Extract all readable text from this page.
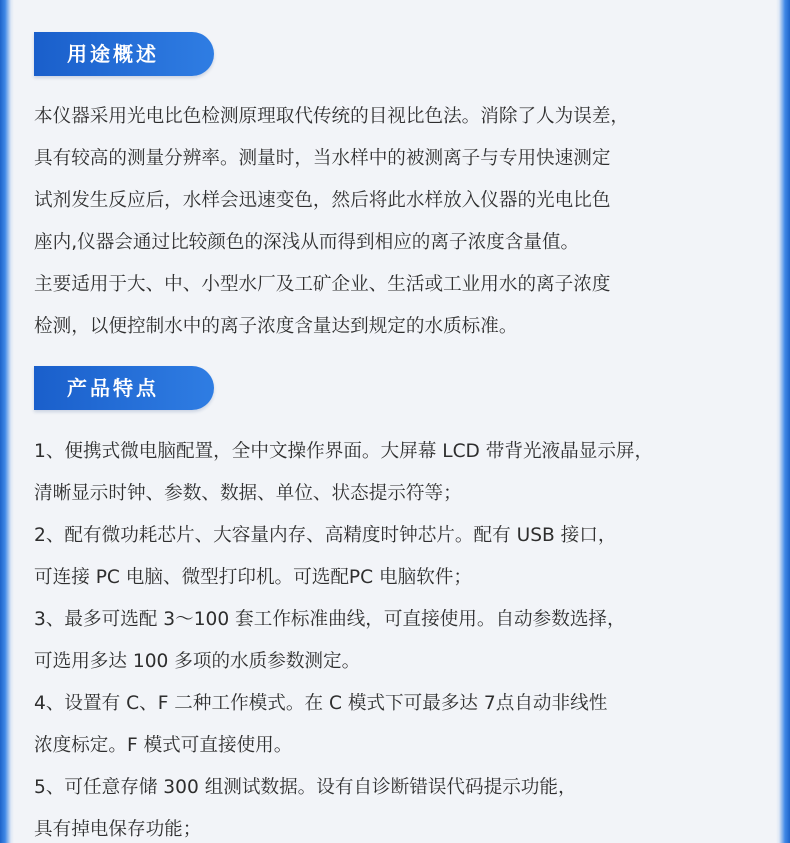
用途概述
本仪器采用光电比色检测原理取代传统的目视比色法。消除了人为误差，
具有较高的测量分辨率。测量时，当水样中的被测离子与专用快速测定
试剂发生反应后，水样会迅速变色，然后将此水样放入仪器的光电比色
座内,仪器会通过比较颜色的深浅从而得到相应的离子浓度含量值。
主要适用于大、中、小型水厂及工矿企业、生活或工业用水的离子浓度
检测，以便控制水中的离子浓度含量达到规定的水质标准。
产品特点
1、便携式微电脑配置，全中文操作界面。大屏幕 LCD 带背光液晶显示屏，
清晰显示时钟、参数、数据、单位、状态提示符等；
2、配有微功耗芯片、大容量内存、高精度时钟芯片。配有 USB 接口，
可连接 PC 电脑、微型打印机。可选配PC 电脑软件；
3、最多可选配 3～100 套工作标准曲线，可直接使用。自动参数选择，
可选用多达 100 多项的水质参数测定。
4、设置有 C、F 二种工作模式。在 C 模式下可最多达 7点自动非线性
浓度标定。F 模式可直接使用。
5、可任意存储 300 组测试数据。设有自诊断错误代码提示功能，
具有掉电保存功能；
